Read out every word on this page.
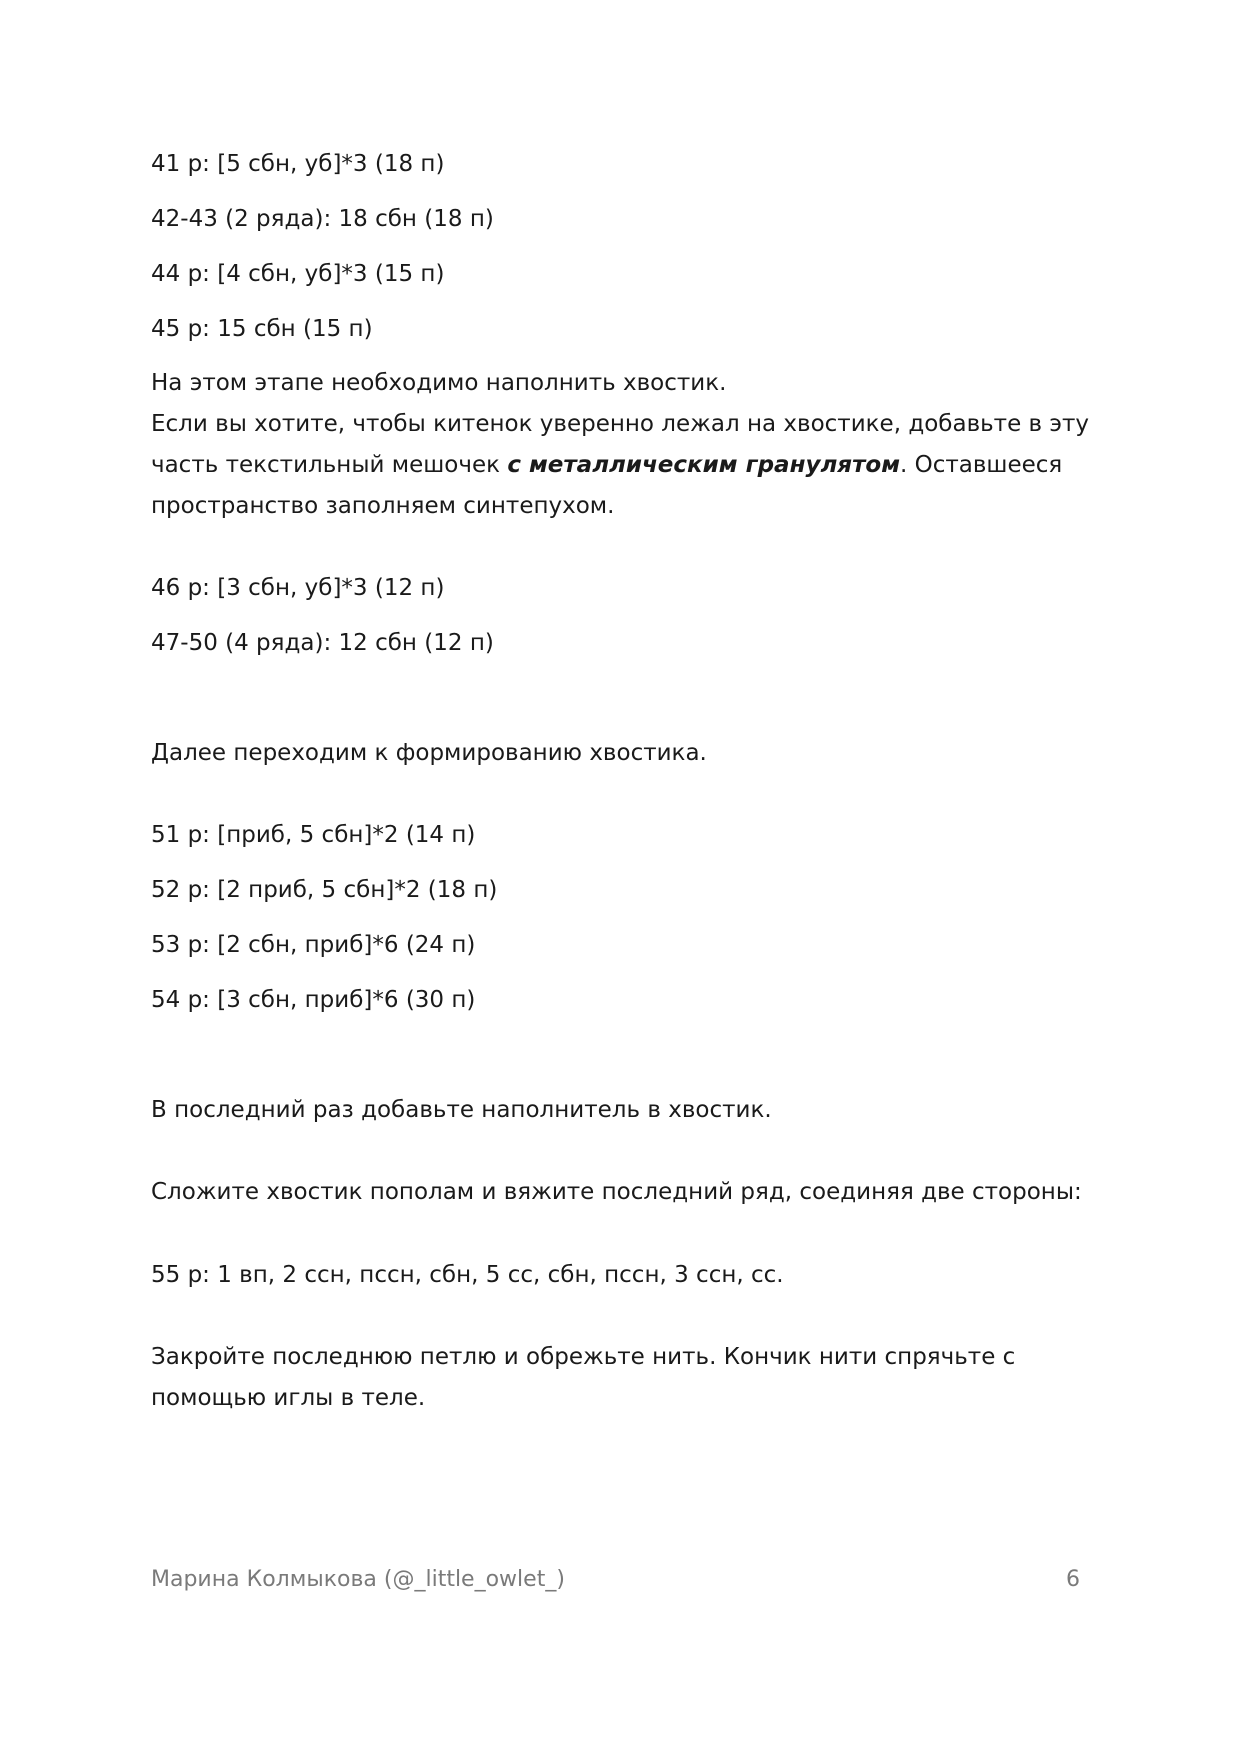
41 р: [5 сбн, уб]*3 (18 п)
42-43 (2 ряда): 18 сбн (18 п)
44 р: [4 сбн, уб]*3 (15 п)
45 р: 15 сбн (15 п)
На этом этапе необходимо наполнить хвостик.
Если вы хотите, чтобы китенок уверенно лежал на хвостике, добавьте в эту
часть текстильный мешочек с металлическим гранулятом. Оставшееся
пространство заполняем синтепухом.
46 р: [3 сбн, уб]*3 (12 п)
47-50 (4 ряда): 12 сбн (12 п)
Далее переходим к формированию хвостика.
51 р: [приб, 5 сбн]*2 (14 п)
52 р: [2 приб, 5 сбн]*2 (18 п)
53 р: [2 сбн, приб]*6 (24 п)
54 р: [3 сбн, приб]*6 (30 п)
В последний раз добавьте наполнитель в хвостик.
Сложите хвостик пополам и вяжите последний ряд, соединяя две стороны:
55 р: 1 вп, 2 ссн, пссн, сбн, 5 сс, сбн, пссн, 3 ссн, сс.
Закройте последнюю петлю и обрежьте нить. Кончик нити спрячьте с
помощью иглы в теле.
Марина Колмыкова (@_little_owlet_)	6
